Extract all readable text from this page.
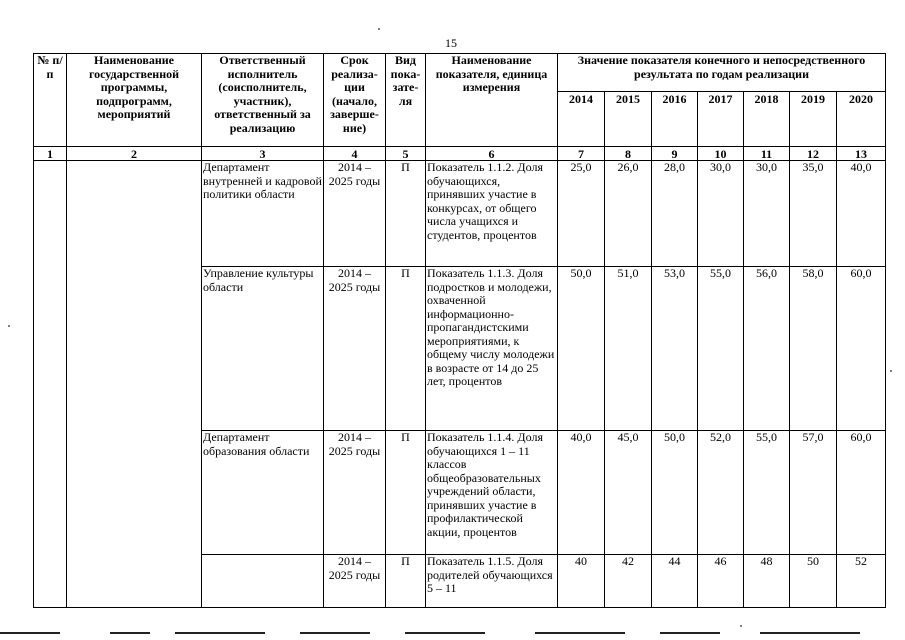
15
№ п/п	Наименование государственной программы, подпрограмм, мероприятий	Ответственный исполнитель (соисполнитель, участник), ответственный за реализацию	Срок реализа-ции (начало, заверше-ние)	Вид пока-зате-ля	Наименование показателя, единица измерения	Значение показателя конечного и непосредственного результата по годам реализации						
						2014	2015	2016	2017	2018	2019	2020
1	2	3	4	5	6	7	8	9	10	11	12	13
		Департамент внутренней и кадровой политики области	2014 – 2025 годы	П	Показатель 1.1.2. Доля обучающихся, принявших участие в конкурсах, от общего числа учащихся и студентов, процентов	25,0	26,0	28,0	30,0	30,0	35,0	40,0
		Управление культуры области	2014 – 2025 годы	П	Показатель 1.1.3. Доля подростков и молодежи, охваченной информационно-пропагандистскими мероприятиями, к общему числу молодежи в возрасте от 14 до 25 лет, процентов	50,0	51,0	53,0	55,0	56,0	58,0	60,0
		Департамент образования области	2014 – 2025 годы	П	Показатель 1.1.4. Доля обучающихся 1 – 11 классов общеобразовательных учреждений области, принявших участие в профилактической акции, процентов	40,0	45,0	50,0	52,0	55,0	57,0	60,0
			2014 – 2025 годы	П	Показатель 1.1.5. Доля родителей обучающихся 5 – 11	40	42	44	46	48	50	52
